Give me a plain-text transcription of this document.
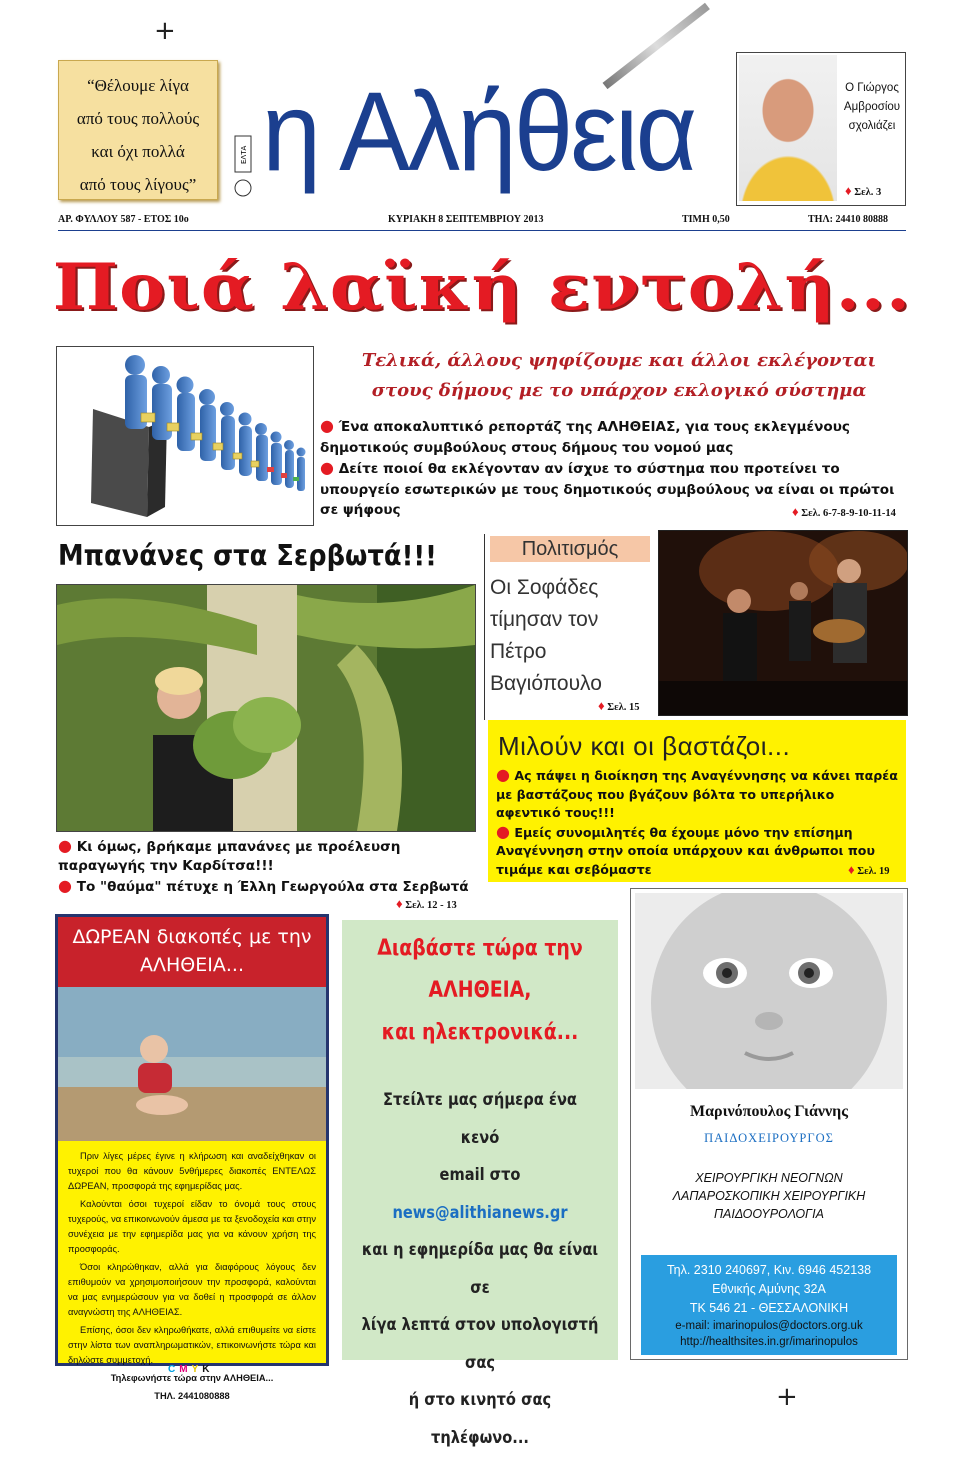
+
+
“Θέλουμε λίγα
από τους πολλούς
και όχι πολλά
από τους λίγους”
ΕΛΤΑ η Αλήθεια	Ο Γιώργος
Αμβροσίου
σχολιάζει
♦ Σελ. 3
ΑΡ. ΦΥΛΛΟΥ 587 - ΕΤΟΣ 10ο	ΚΥΡΙΑΚΗ 8 ΣΕΠΤΕΜΒΡΙΟΥ 2013	ΤΙΜΗ 0,50	ΤΗΛ: 24410 80888
Ποιά λαϊκή εντολή...
Τελικά, άλλους ψηφίζουμε και άλλοι εκλέγονται
στους δήμους με το υπάρχον εκλογικό σύστημα
● Ένα αποκαλυπτικό ρεπορτάζ της ΑΛΗΘΕΙΑΣ, για τους εκλεγμένους δημοτικούς συμβούλους στους δήμους του νομού μας
● Δείτε ποιοί θα εκλέγονταν αν ίσχυε το σύστημα που προτείνει το υπουργείο εσωτερικών με τους δημοτικούς συμβούλους να είναι οι πρώτοι σε ψήφους	♦ Σελ. 6-7-8-9-10-11-14
Μπανάνες στα Σερβωτά!!!
● Κι όμως, βρήκαμε μπανάνες με προέλευση παραγωγής την Καρδίτσα!!!
● Το "θαύμα" πέτυχε η Έλλη Γεωργούλα στα Σερβωτά
♦ Σελ. 12 - 13
Πολιτισμός
Οι Σοφάδες
τίμησαν τον
Πέτρο
Βαγιόπουλο
♦ Σελ. 15
Μιλούν και οι βαστάζοι...
● Ας πάψει η διοίκηση της Αναγέννησης να κάνει παρέα με βαστάζους που βγάζουν βόλτα το υπερήλικο αφεντικό τους!!!
● Εμείς συνομιλητές θα έχουμε μόνο την επίσημη Αναγέννηση στην οποία υπάρχουν και άνθρωποι που τιμάμε και σεβόμαστε	♦ Σελ. 19
ΔΩΡΕΑΝ διακοπές με την ΑΛΗΘΕΙΑ...

Πριν λίγες μέρες έγινε η κλήρωση και αναδείχθηκαν οι τυχεροί που θα κάνουν 5νθήμερες διακοπές ΕΝΤΕΛΩΣ ΔΩΡΕΑΝ, προσφορά της εφημερίδας μας.

Καλούνται όσοι τυχεροί είδαν το όνομά τους στους τυχερούς, να επικοινωνούν άμεσα με τα ξενοδοχεία και στην συνέχεια με την εφημερίδα μας για να κάνουν χρήση της προσφοράς.

Όσοι κληρώθηκαν, αλλά για διαφόρους λόγους δεν επιθυμούν να χρησιμοποιήσουν την προσφορά, καλούνται να μας ενημερώσουν για να δοθεί η προσφορά σε άλλον αναγνώστη της ΑΛΗΘΕΙΑΣ.

Επίσης, όσοι δεν κληρωθήκατε, αλλά επιθυμείτε να είστε στην λίστα των αναπληρωματικών, επικοινωνήστε τώρα και δηλώστε συμμετοχή.

Τηλεφωνήστε τώρα στην ΑΛΗΘΕΙΑ...

ΤΗΛ. 2441080888

Διαβάστε τώρα την
ΑΛΗΘΕΙΑ,
και ηλεκτρονικά...
Στείλτε μας σήμερα ένα κενό
email στο news@alithianews.gr
και η εφημερίδα μας θα είναι σε
λίγα λεπτά στον υπολογιστή σας
ή στο κινητό σας τηλέφωνο...
Μαρινόπουλος Γιάννης
ΠΑΙΔΟΧΕΙΡΟΥΡΓΟΣ
ΧΕΙΡΟΥΡΓΙΚΗ ΝΕΟΓΝΩΝ
ΛΑΠΑΡΟΣΚΟΠΙΚΗ ΧΕΙΡΟΥΡΓΙΚΗ
ΠΑΙΔΟΟΥΡΟΛΟΓΙΑ
Τηλ. 2310 240697, Κιν. 6946 452138
Εθνικής Αμύνης 32Α
ΤΚ 546 21 - ΘΕΣΣΑΛΟΝΙΚΗ
e-mail: imarinopulos@doctors.org.uk
http://healthsites.in.gr/imarinopulos
CMYK
